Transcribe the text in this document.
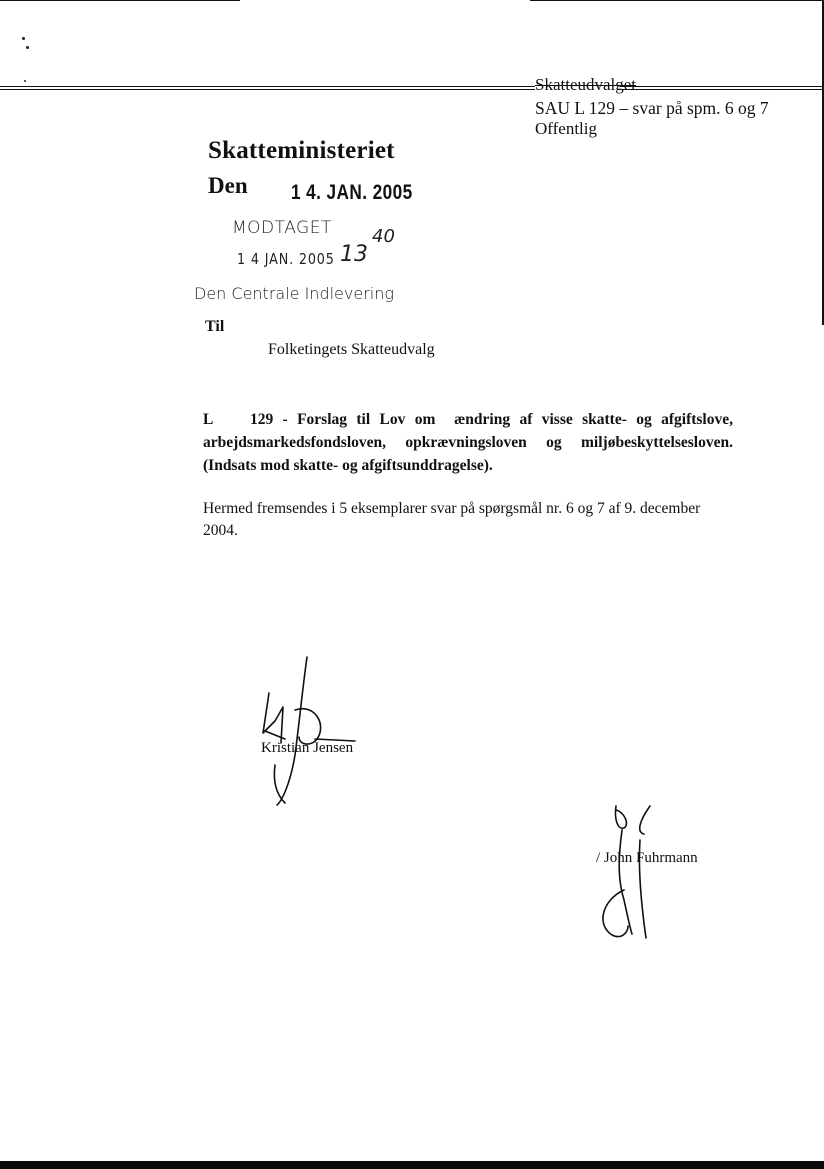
Skatteudvalget
SAU L 129 – svar på spm. 6 og 7
Offentlig
Skatteministeriet
Den 1 4. JAN. 2005
MODTAGET
1 4 JAN. 2005 13
40
Den Centrale Indlevering
Til
Folketingets Skatteudvalg
L    129 - Forslag til Lov om  ændring af visse skatte- og afgiftslove,
arbejdsmarkedsfondsloven, opkrævningsloven og miljøbeskyttelsesloven.
(Indsats mod skatte- og afgiftsunddragelse).
Hermed fremsendes i 5 eksemplarer svar på spørgsmål nr. 6 og 7 af 9. december 2004.
Kristian Jensen
/ John Fuhrmann
